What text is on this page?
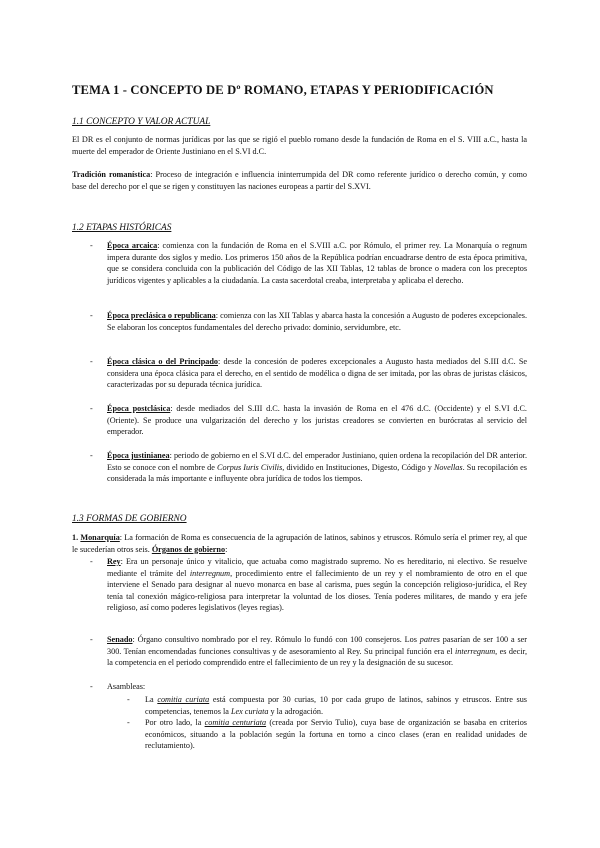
TEMA 1 - CONCEPTO DE Dº ROMANO, ETAPAS Y PERIODIFICACIÓN
1.1 CONCEPTO Y VALOR ACTUAL
El DR es el conjunto de normas jurídicas por las que se rigió el pueblo romano desde la fundación de Roma en el S. VIII a.C., hasta la muerte del emperador de Oriente Justiniano en el S.VI d.C.
Tradición romanística: Proceso de integración e influencia ininterrumpida del DR como referente jurídico o derecho común, y como base del derecho por el que se rigen y constituyen las naciones europeas a partir del S.XVI.
1.2 ETAPAS HISTÓRICAS
- Época arcaica: comienza con la fundación de Roma en el S.VIII a.C. por Rómulo, el primer rey. La Monarquía o regnum impera durante dos siglos y medio. Los primeros 150 años de la República podrían encuadrarse dentro de esta época primitiva, que se considera concluida con la publicación del Código de las XII Tablas, 12 tablas de bronce o madera con los preceptos jurídicos vigentes y aplicables a la ciudadanía. La casta sacerdotal creaba, interpretaba y aplicaba el derecho.
- Época preclásica o republicana: comienza con las XII Tablas y abarca hasta la concesión a Augusto de poderes excepcionales. Se elaboran los conceptos fundamentales del derecho privado: dominio, servidumbre, etc.
- Época clásica o del Principado: desde la concesión de poderes excepcionales a Augusto hasta mediados del S.III d.C. Se considera una época clásica para el derecho, en el sentido de modélica o digna de ser imitada, por las obras de juristas clásicos, caracterizadas por su depurada técnica jurídica.
- Época postclásica: desde mediados del S.III d.C. hasta la invasión de Roma en el 476 d.C. (Occidente) y el S.VI d.C. (Oriente). Se produce una vulgarización del derecho y los juristas creadores se convierten en burócratas al servicio del emperador.
- Época justinianea: periodo de gobierno en el S.VI d.C. del emperador Justiniano, quien ordena la recopilación del DR anterior. Esto se conoce con el nombre de Corpus Iuris Civilis, dividido en Instituciones, Digesto, Código y Novellas. Su recopilación es considerada la más importante e influyente obra jurídica de todos los tiempos.
1.3 FORMAS DE GOBIERNO
1. Monarquía: La formación de Roma es consecuencia de la agrupación de latinos, sabinos y etruscos. Rómulo sería el primer rey, al que le sucederían otros seis. Órganos de gobierno:
- Rey: Era un personaje único y vitalicio, que actuaba como magistrado supremo. No es hereditario, ni electivo. Se resuelve mediante el trámite del interregnum, procedimiento entre el fallecimiento de un rey y el nombramiento de otro en el que interviene el Senado para designar al nuevo monarca en base al carisma, pues según la concepción religioso-jurídica, el Rey tenía tal conexión mágico-religiosa para interpretar la voluntad de los dioses. Tenía poderes militares, de mando y era jefe religioso, así como poderes legislativos (leyes regias).
- Senado: Órgano consultivo nombrado por el rey. Rómulo lo fundó con 100 consejeros. Los patres pasarían de ser 100 a ser 300. Tenían encomendadas funciones consultivas y de asesoramiento al Rey. Su principal función era el interregnum, es decir, la competencia en el periodo comprendido entre el fallecimiento de un rey y la designación de su sucesor.
- Asambleas:
- La comitia curiata está compuesta por 30 curias, 10 por cada grupo de latinos, sabinos y etruscos. Entre sus competencias, tenemos la Lex curiata y la adrogación.
- Por otro lado, la comitia centuriata (creada por Servio Tulio), cuya base de organización se basaba en criterios económicos, situando a la población según la fortuna en torno a cinco clases (eran en realidad unidades de reclutamiento).
